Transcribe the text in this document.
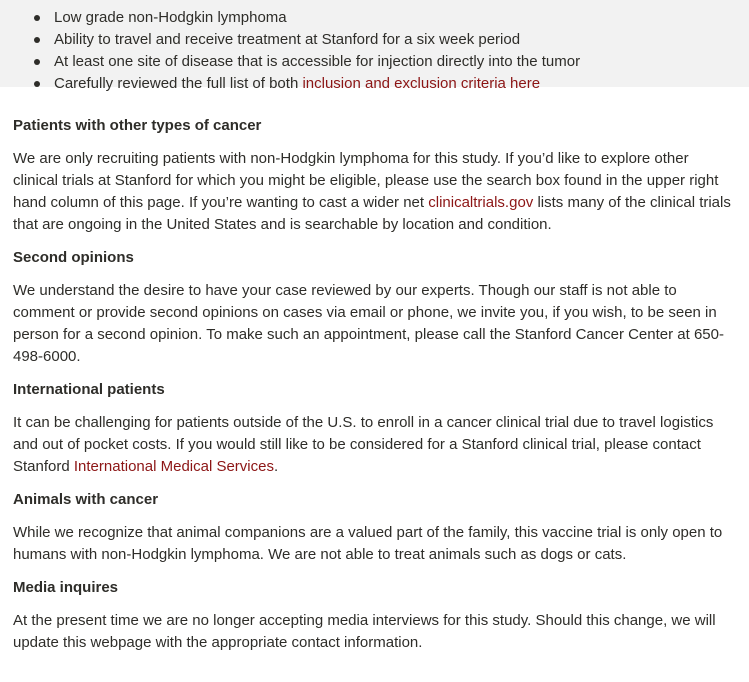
Low grade non-Hodgkin lymphoma
Ability to travel and receive treatment at Stanford for a six week period
At least one site of disease that is accessible for injection directly into the tumor
Carefully reviewed the full list of both inclusion and exclusion criteria here
Patients with other types of cancer

We are only recruiting patients with non-Hodgkin lymphoma for this study. If you’d like to explore other clinical trials at Stanford for which you might be eligible, please use the search box found in the upper right hand column of this page. If you’re wanting to cast a wider net clinicaltrials.gov lists many of the clinical trials that are ongoing in the United States and is searchable by location and condition.

Second opinions

We understand the desire to have your case reviewed by our experts. Though our staff is not able to comment or provide second opinions on cases via email or phone, we invite you, if you wish, to be seen in person for a second opinion. To make such an appointment, please call the Stanford Cancer Center at 650-498-6000.

International patients

It can be challenging for patients outside of the U.S. to enroll in a cancer clinical trial due to travel logistics and out of pocket costs. If you would still like to be considered for a Stanford clinical trial, please contact Stanford International Medical Services.

Animals with cancer

While we recognize that animal companions are a valued part of the family, this vaccine trial is only open to humans with non-Hodgkin lymphoma. We are not able to treat animals such as dogs or cats.

Media inquires

At the present time we are no longer accepting media interviews for this study. Should this change, we will update this webpage with the appropriate contact information.
